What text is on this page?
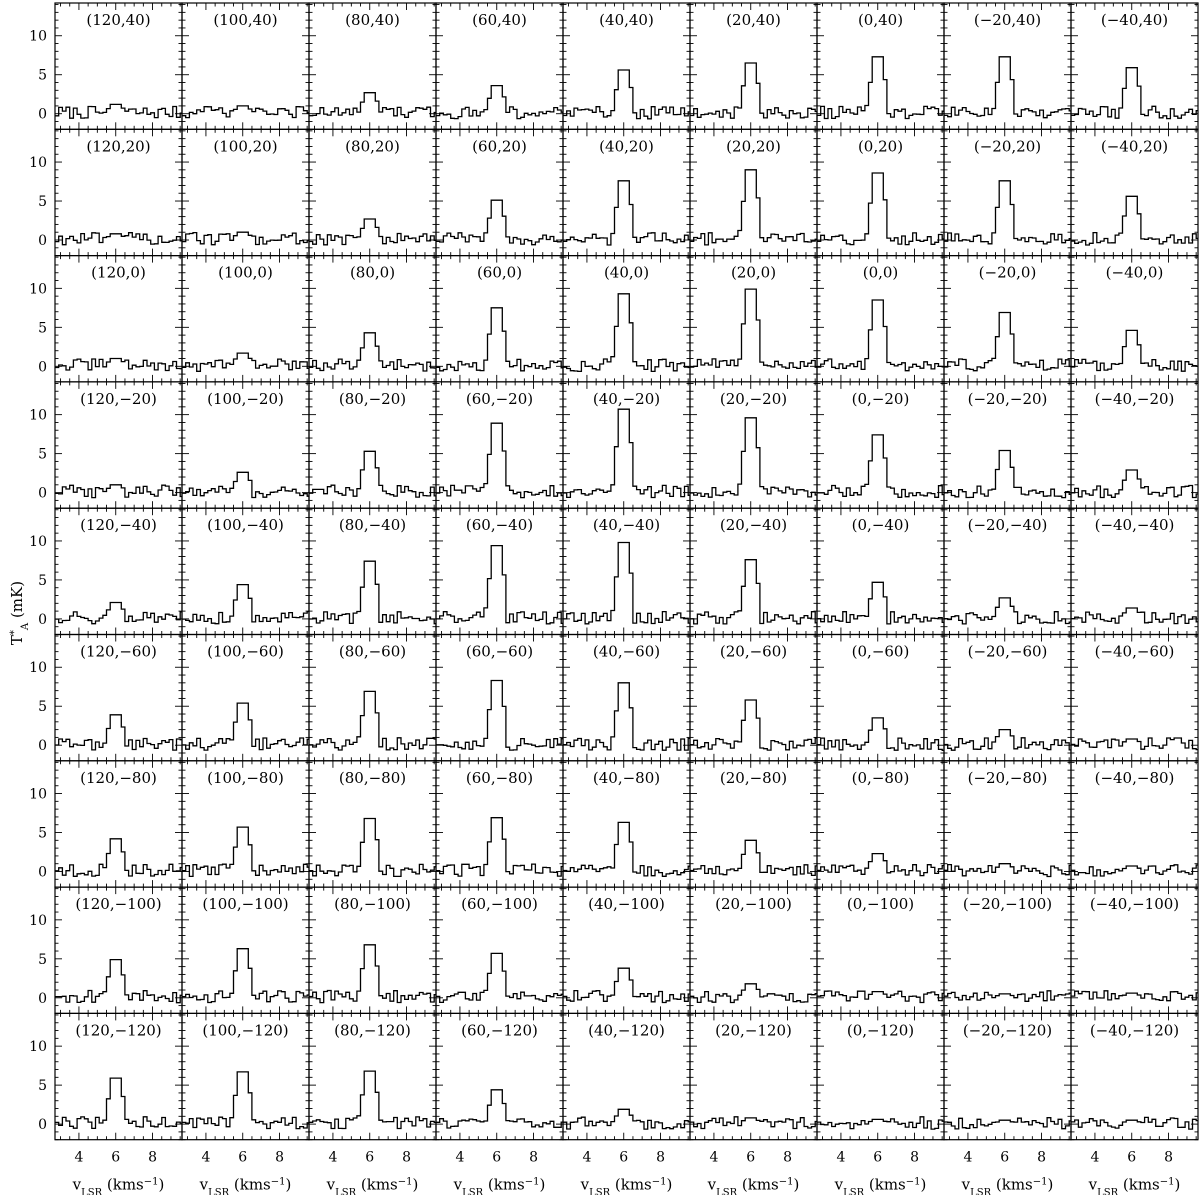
(120,40)
0
5
10
(100,40)	(80,40)	(60,40)	(40,40)	(20,40)	(0,40)	(−20,40)	(−40,40)
(120,20)
0
5
10
(100,20)	(80,20)	(60,20)	(40,20)	(20,20)	(0,20)	(−20,20)	(−40,20)
(120,0)
0
5
10
(100,0)	(80,0)	(60,0)	(40,0)	(20,0)	(0,0)	(−20,0)	(−40,0)
(120,−20)
0
5
10
(100,−20)	(80,−20)	(60,−20)	(40,−20)	(20,−20)	(0,−20)	(−20,−20)	(−40,−20)
(120,−40)
0
5
10
(100,−40)	(80,−40)	(60,−40)	(40,−40)	(20,−40)	(0,−40)	(−20,−40)	(−40,−40)
(120,−60)
0
5
10
(100,−60)	(80,−60)	(60,−60)	(40,−60)	(20,−60)	(0,−60)	(−20,−60)	(−40,−60)
(120,−80)
0
5
10
(100,−80)	(80,−80)	(60,−80)	(40,−80)	(20,−80)	(0,−80)	(−20,−80)	(−40,−80)
(120,−100)
0
5
10
(100,−100)	(80,−100)	(60,−100)	(40,−100)	(20,−100)	(0,−100)	(−20,−100)	(−40,−100)
(120,−120)
0
5
10
4 6 8
$v_{LSR}$ (kms$^{-1}$)
(100,−120)
4 6 8
$v_{LSR}$ (kms$^{-1}$)
(80,−120)
4 6 8
$v_{LSR}$ (kms$^{-1}$)
(60,−120)
4 6 8
$v_{LSR}$ (kms$^{-1}$)
(40,−120)
4 6 8
$v_{LSR}$ (kms$^{-1}$)
(20,−120)
4 6 8
$v_{LSR}$ (kms$^{-1}$)
(0,−120)
4 6 8
$v_{LSR}$ (kms$^{-1}$)
(−20,−120)
4 6 8
$v_{LSR}$ (kms$^{-1}$)
(−40,−120)
4 6 8
$v_{LSR}$ (kms$^{-1}$)
$T^*_A$ (mK)
